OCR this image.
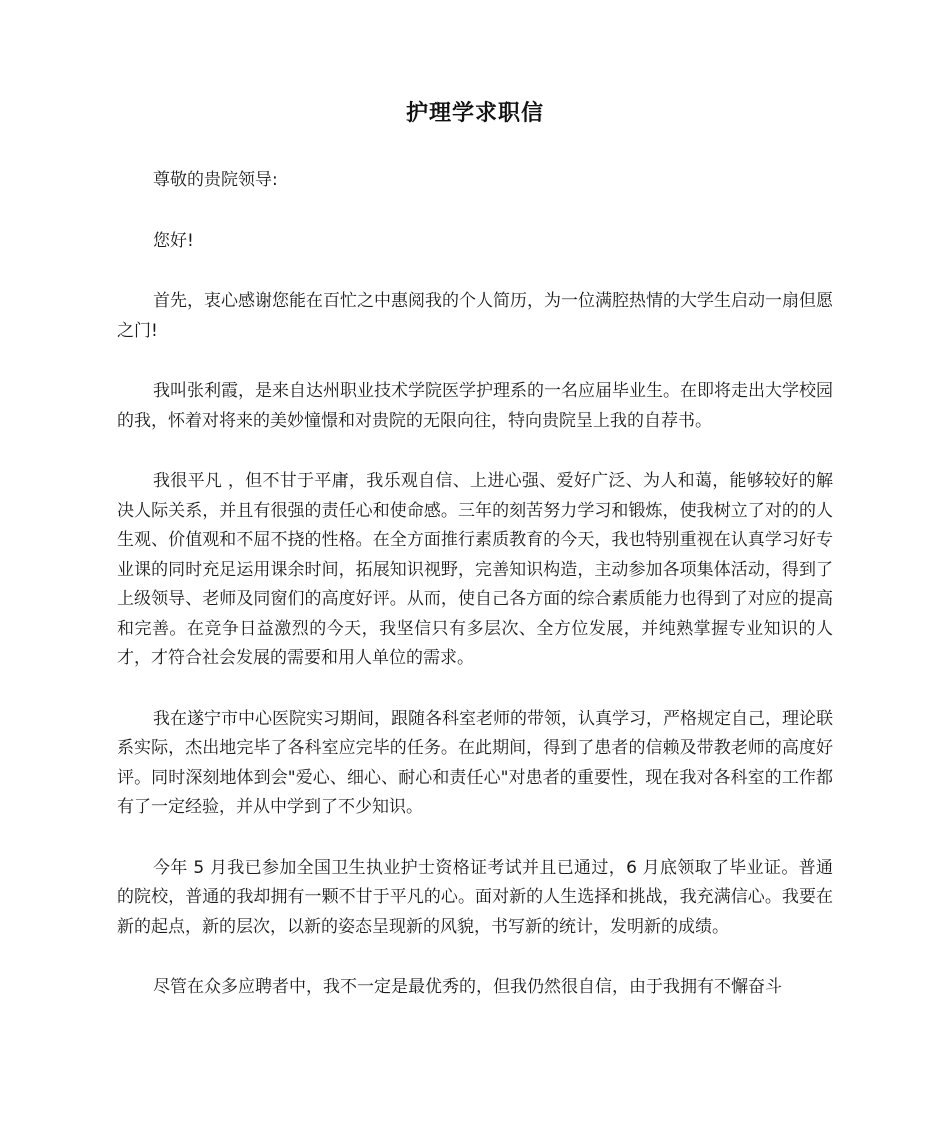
护理学求职信

尊敬的贵院领导:

您好!

首先，衷心感谢您能在百忙之中惠阅我的个人简历，为一位满腔热情的大学生启动一扇但愿之门!

我叫张利霞，是来自达州职业技术学院医学护理系的一名应届毕业生。在即将走出大学校园的我，怀着对将来的美妙憧憬和对贵院的无限向往，特向贵院呈上我的自荐书。

我很平凡 ，但不甘于平庸，我乐观自信、上进心强、爱好广泛、为人和蔼，能够较好的解决人际关系，并且有很强的责任心和使命感。三年的刻苦努力学习和锻炼，使我树立了对的的人生观、价值观和不屈不挠的性格。在全方面推行素质教育的今天，我也特别重视在认真学习好专业课的同时充足运用课余时间，拓展知识视野，完善知识构造，主动参加各项集体活动，得到了上级领导、老师及同窗们的高度好评。从而，使自己各方面的综合素质能力也得到了对应的提高和完善。在竞争日益激烈的今天，我坚信只有多层次、全方位发展，并纯熟掌握专业知识的人才，才符合社会发展的需要和用人单位的需求。

我在遂宁市中心医院实习期间，跟随各科室老师的带领，认真学习，严格规定自己，理论联系实际，杰出地完毕了各科室应完毕的任务。在此期间，得到了患者的信赖及带教老师的高度好评。同时深刻地体到会"爱心、细心、耐心和责任心"对患者的重要性，现在我对各科室的工作都有了一定经验，并从中学到了不少知识。

今年 5 月我已参加全国卫生执业护士资格证考试并且已通过，6 月底领取了毕业证。普通的院校，普通的我却拥有一颗不甘于平凡的心。面对新的人生选择和挑战，我充满信心。我要在新的起点，新的层次，以新的姿态呈现新的风貌，书写新的统计，发明新的成绩。

尽管在众多应聘者中，我不一定是最优秀的，但我仍然很自信，由于我拥有不懈奋斗
